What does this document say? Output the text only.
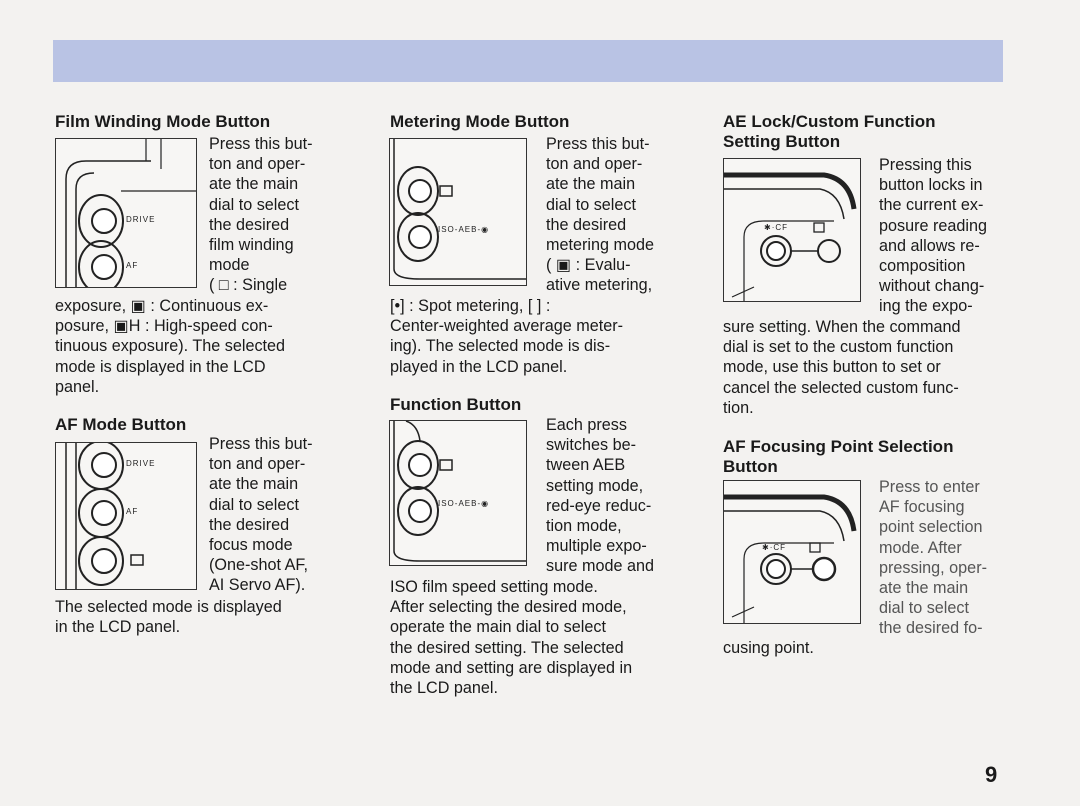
Film Winding Mode Button
DRIVE
AF

Press this but-

ton and oper-

ate the main

dial to select

the desired

film winding

mode

( □ : Single

exposure, ▣ : Continuous ex-

posure, ▣H : High-speed con-

tinuous exposure). The selected

mode is displayed in the LCD

panel.

AF Mode Button
DRIVE
AF

Press this but-

ton and oper-

ate the main

dial to select

the desired

focus mode

(One-shot AF,

AI Servo AF).

The selected mode is displayed

in the LCD panel.

Metering Mode Button
ISO-AEB-◉

Press this but-

ton and oper-

ate the main

dial to select

the desired

metering mode

( ▣ : Evalu-

ative metering,

[•] : Spot metering, [ ] :

Center-weighted average meter-

ing). The selected mode is dis-

played in the LCD panel.

Function Button
ISO-AEB-◉

Each press

switches be-

tween AEB

setting mode,

red-eye reduc-

tion mode,

multiple expo-

sure mode and

ISO film speed setting mode.

After selecting the desired mode,

operate the main dial to select

the desired setting. The selected

mode and setting are displayed in

the LCD panel.

AE Lock/Custom Function
Setting Button
✱·CF

Pressing this

button locks in

the current ex-

posure reading

and allows re-

composition

without chang-

ing the expo-

sure setting. When the command

dial is set to the custom function

mode, use this button to set or

cancel the selected custom func-

tion.

AF Focusing Point Selection
Button
✱·CF

Press to enter

AF focusing

point selection

mode. After

pressing, oper-

ate the main

dial to select

the desired fo-

cusing point.

9
